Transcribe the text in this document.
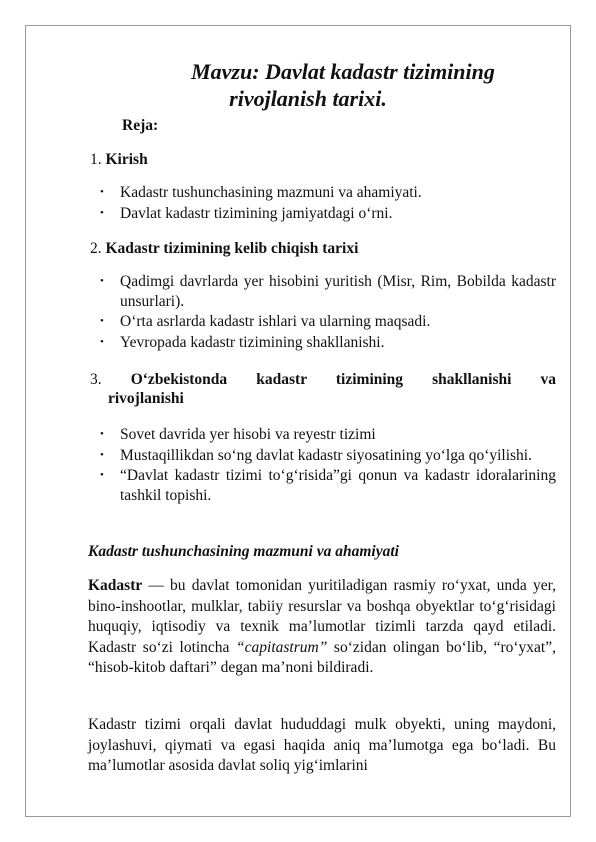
Mavzu: Davlat kadastr tizimining
rivojlanish tarixi.
Reja:
1. Kirish
• Kadastr tushunchasining mazmuni va ahamiyati.
• Davlat kadastr tizimining jamiyatdagi o‘rni.
2. Kadastr tizimining kelib chiqish tarixi
• Qadimgi davrlarda yer hisobini yuritish (Misr, Rim, Bobilda kadastr unsurlari).
• O‘rta asrlarda kadastr ishlari va ularning maqsadi.
• Yevropada kadastr tizimining shakllanishi.
3. O‘zbekistonda kadastr tizimining shakllanishi va
rivojlanishi
• Sovet davrida yer hisobi va reyestr tizimi
• Mustaqillikdan so‘ng davlat kadastr siyosatining yo‘lga qo‘yilishi.
• “Davlat kadastr tizimi to‘g‘risida”gi qonun va kadastr idoralarining tashkil topishi.
Kadastr tushunchasining mazmuni va ahamiyati

Kadastr — bu davlat tomonidan yuritiladigan rasmiy ro‘yxat, unda yer, bino-inshootlar, mulklar, tabiiy resurslar va boshqa obyektlar to‘g‘risidagi huquqiy, iqtisodiy va texnik ma’lumotlar tizimli tarzda qayd etiladi. Kadastr so‘zi lotincha “capitastrum” so‘zidan olingan bo‘lib, “ro‘yxat”, “hisob-kitob daftari” degan ma’noni bildiradi.

Kadastr tizimi orqali davlat hududdagi mulk obyekti, uning maydoni, joylashuvi, qiymati va egasi haqida aniq ma’lumotga ega bo‘ladi. Bu ma’lumotlar asosida davlat soliq yig‘imlarini
